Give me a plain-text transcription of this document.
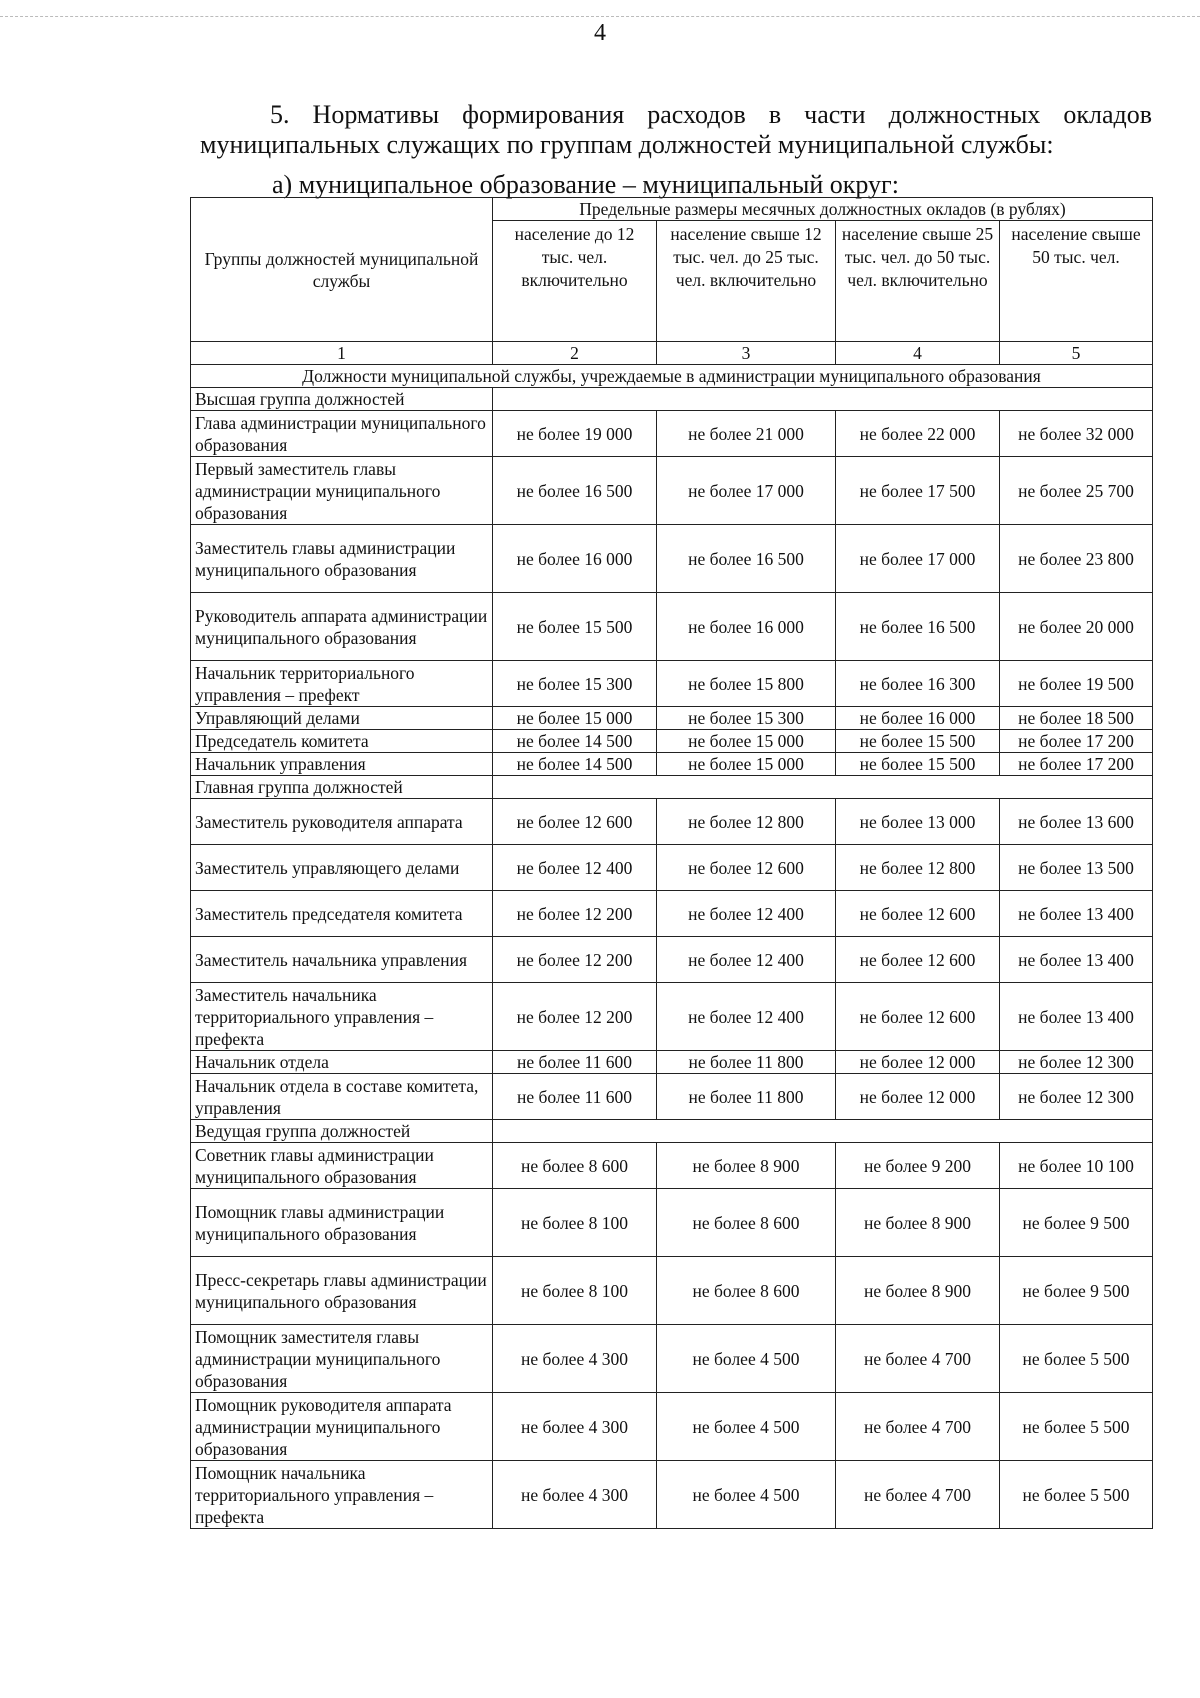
4
5. Нормативы формирования расходов в части должностных окладов муниципальных служащих по группам должностей муниципальной службы:
а) муниципальное образование – муниципальный округ:
Группы должностей муниципальной службы	Предельные размеры месячных должностных окладов (в рублях)			
	население до 12 тыс. чел. включительно	население свыше 12 тыс. чел. до 25 тыс. чел. включительно	население свыше 25 тыс. чел. до 50 тыс. чел. включительно	население свыше 50 тыс. чел.
1	2	3	4	5
Должности муниципальной службы, учреждаемые в администрации муниципального образования				
Высшая группа должностей				
Глава администрации муниципального образования	не более 19 000	не более 21 000	не более 22 000	не более 32 000
Первый заместитель главы администрации муниципального образования	не более 16 500	не более 17 000	не более 17 500	не более 25 700
Заместитель главы администрации муниципального образования	не более 16 000	не более 16 500	не более 17 000	не более 23 800
Руководитель аппарата администрации муниципального образования	не более 15 500	не более 16 000	не более 16 500	не более 20 000
Начальник территориального управления – префект	не более 15 300	не более 15 800	не более 16 300	не более 19 500
Управляющий делами	не более 15 000	не более 15 300	не более 16 000	не более 18 500
Председатель комитета	не более 14 500	не более 15 000	не более 15 500	не более 17 200
Начальник управления	не более 14 500	не более 15 000	не более 15 500	не более 17 200
Главная группа должностей				
Заместитель руководителя аппарата	не более 12 600	не более 12 800	не более 13 000	не более 13 600
Заместитель управляющего делами	не более 12 400	не более 12 600	не более 12 800	не более 13 500
Заместитель председателя комитета	не более 12 200	не более 12 400	не более 12 600	не более 13 400
Заместитель начальника управления	не более 12 200	не более 12 400	не более 12 600	не более 13 400
Заместитель начальника территориального управления – префекта	не более 12 200	не более 12 400	не более 12 600	не более 13 400
Начальник отдела	не более 11 600	не более 11 800	не более 12 000	не более 12 300
Начальник отдела в составе комитета, управления	не более 11 600	не более 11 800	не более 12 000	не более 12 300
Ведущая группа должностей				
Советник главы администрации муниципального образования	не более 8 600	не более 8 900	не более 9 200	не более 10 100
Помощник главы администрации муниципального образования	не более 8 100	не более 8 600	не более 8 900	не более 9 500
Пресс-секретарь главы администрации муниципального образования	не более 8 100	не более 8 600	не более 8 900	не более 9 500
Помощник заместителя главы администрации муниципального образования	не более 4 300	не более 4 500	не более 4 700	не более 5 500
Помощник руководителя аппарата администрации муниципального образования	не более 4 300	не более 4 500	не более 4 700	не более 5 500
Помощник начальника территориального управления – префекта	не более 4 300	не более 4 500	не более 4 700	не более 5 500
